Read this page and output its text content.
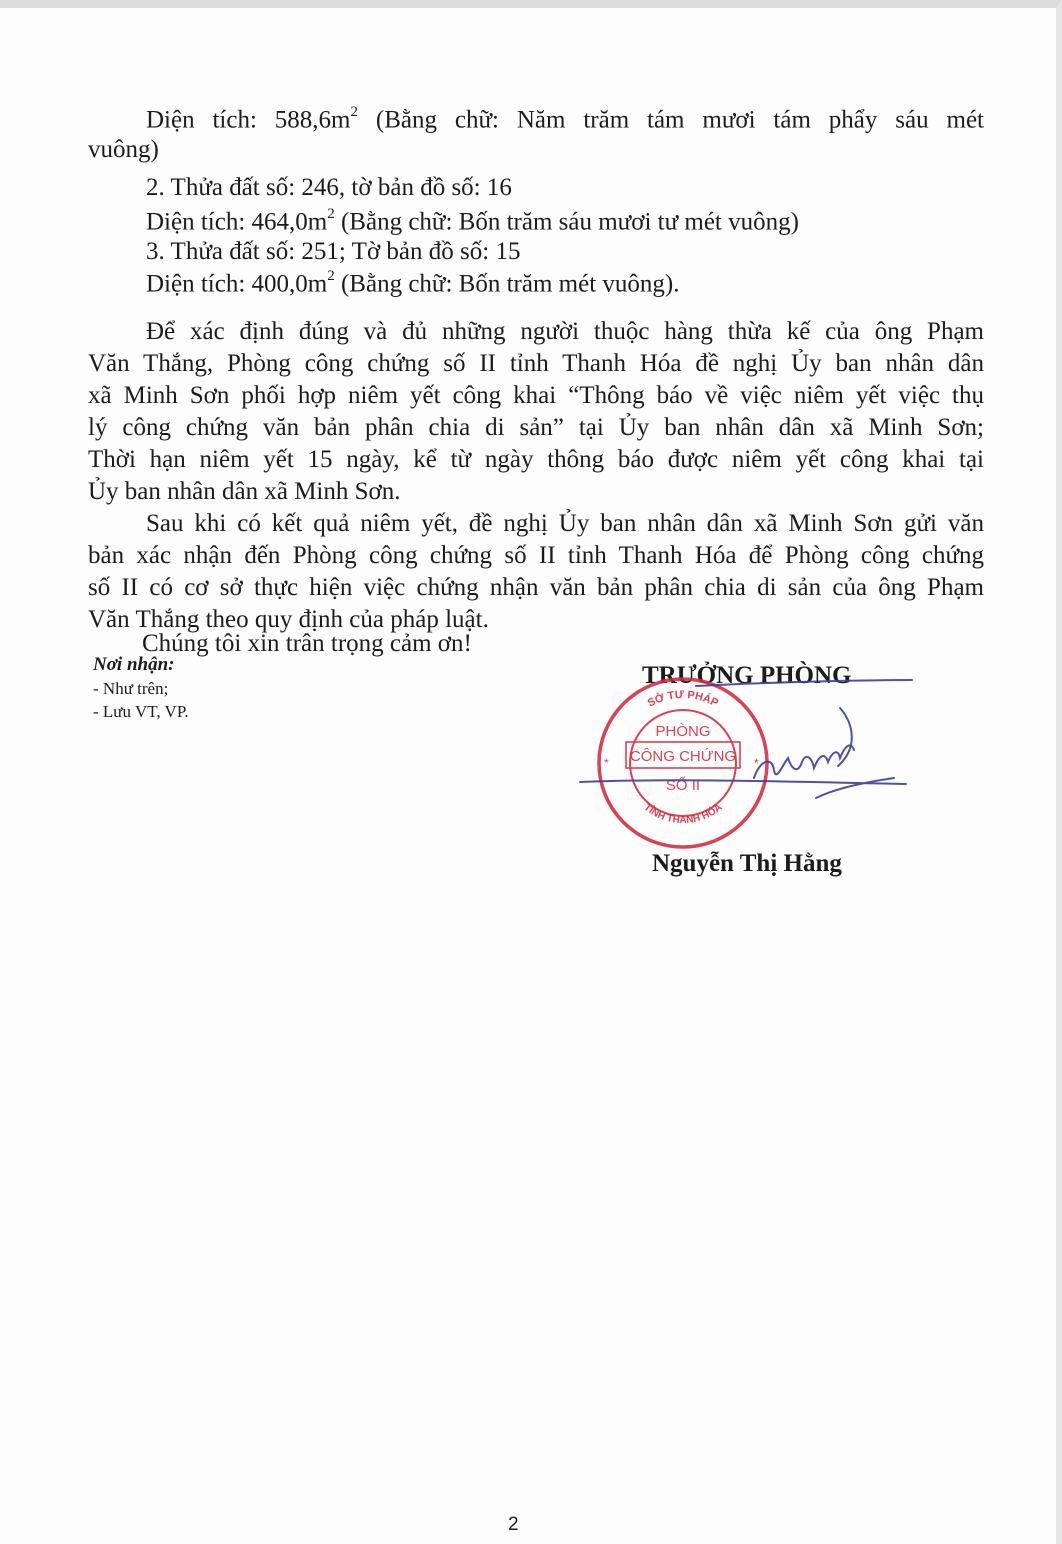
Diện tích: $588,6m^2$ (Bằng chữ: Năm trăm tám mươi tám phẩy sáu mét
vuông)
2. Thửa đất số: 246, tờ bản đồ số: 16
Diện tích: $464,0m^2$ (Bằng chữ: Bốn trăm sáu mươi tư mét vuông)
3. Thửa đất số: 251; Tờ bản đồ số: 15
Diện tích: $400,0m^2$ (Bằng chữ: Bốn trăm mét vuông).
Để xác định đúng và đủ những người thuộc hàng thừa kế của ông Phạm
Văn Thắng, Phòng công chứng số II tỉnh Thanh Hóa đề nghị Ủy ban nhân dân
xã Minh Sơn phối hợp niêm yết công khai “Thông báo về việc niêm yết việc thụ
lý công chứng văn bản phân chia di sản” tại Ủy ban nhân dân xã Minh Sơn;
Thời hạn niêm yết 15 ngày, kể từ ngày thông báo được niêm yết công khai tại
Ủy ban nhân dân xã Minh Sơn.
Sau khi có kết quả niêm yết, đề nghị Ủy ban nhân dân xã Minh Sơn gửi văn
bản xác nhận đến Phòng công chứng số II tỉnh Thanh Hóa để Phòng công chứng
số II có cơ sở thực hiện việc chứng nhận văn bản phân chia di sản của ông Phạm
Văn Thắng theo quy định của pháp luật.
Chúng tôi xin trân trọng cảm ơn!
Nơi nhận:
- Như trên;
- Lưu VT, VP.
TRƯỞNG PHÒNG
SỞ TƯ PHÁP
TỈNH THANH HÓA
PHÒNG
CÔNG CHỨNG
SỐ II
*	*
Nguyễn Thị Hằng
2
